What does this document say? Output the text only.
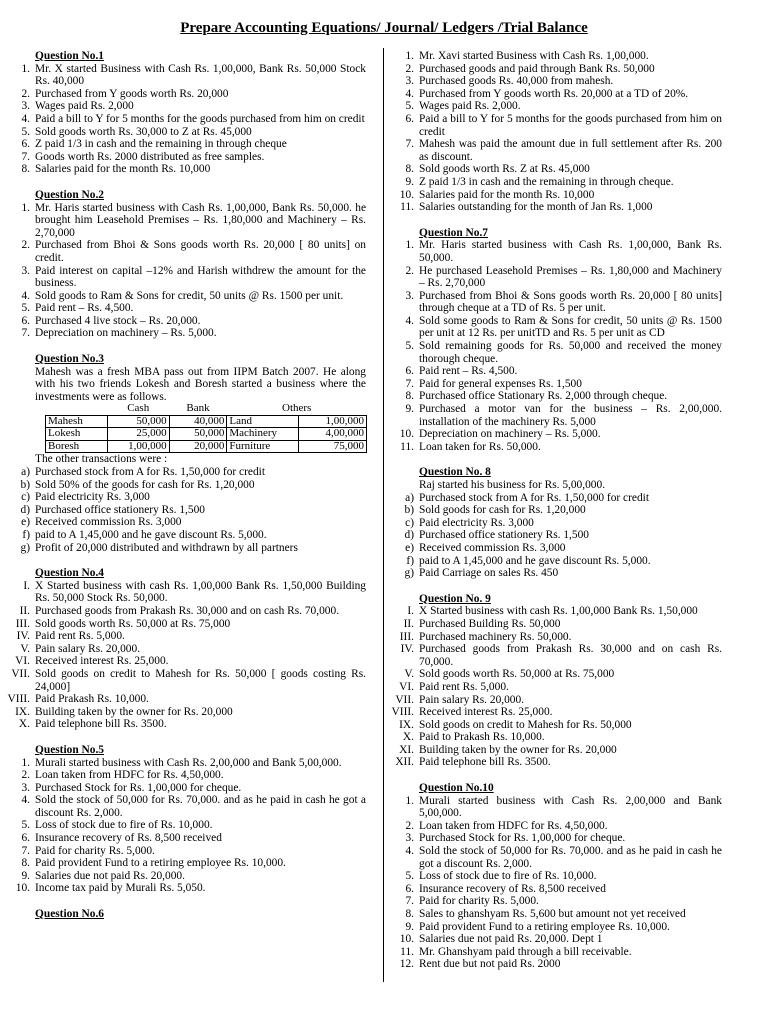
Prepare Accounting Equations/ Journal/ Ledgers /Trial Balance
Question No.1
1. Mr. X started Business with Cash Rs. 1,00,000, Bank Rs. 50,000 Stock Rs. 40,000
2. Purchased from Y goods worth Rs. 20,000
3. Wages paid Rs. 2,000
4. Paid a bill to Y for 5 months for the goods purchased from him on credit
5. Sold goods worth Rs. 30,000 to Z at Rs. 45,000
6. Z paid 1/3 in cash and the remaining in through cheque
7. Goods worth Rs. 2000 distributed as free samples.
8. Salaries paid for the month Rs. 10,000
Question No.2
1. Mr. Haris started business with Cash Rs. 1,00,000, Bank Rs. 50,000. he brought him Leasehold Premises – Rs. 1,80,000 and Machinery – Rs. 2,70,000
2. Purchased from Bhoi & Sons goods worth Rs. 20,000 [ 80 units] on credit.
3. Paid interest on capital –12% and Harish withdrew the amount for the business.
4. Sold goods to Ram & Sons for credit, 50 units @ Rs. 1500 per unit.
5. Paid rent – Rs. 4,500.
6. Purchased 4 live stock – Rs. 20,000.
7. Depreciation on machinery – Rs. 5,000.
Question No.3
Mahesh was a fresh MBA pass out from IIPM Batch 2007. He along with his two friends Lokesh and Boresh started a business where the investments were as follows.
	Cash	Bank	Others	
Mahesh	50,000	40,000	Land	1,00,000
Lokesh	25,000	50,000	Machinery	4,00,000
Boresh	1,00,000	20,000	Furniture	75,000
The other transactions were :
a) Purchased stock from A for Rs. 1,50,000 for credit
b) Sold 50% of the goods for cash for Rs. 1,20,000
c) Paid electricity Rs. 3,000
d) Purchased office stationery Rs. 1,500
e) Received commission Rs. 3,000
f) paid to A 1,45,000 and he gave discount Rs. 5,000.
g) Profit of 20,000 distributed and withdrawn by all partners
Question No.4
I. X Started business with cash Rs. 1,00,000 Bank Rs. 1,50,000 Building Rs. 50,000 Stock Rs. 50,000.
II. Purchased goods from Prakash Rs. 30,000 and on cash Rs. 70,000.
III. Sold goods worth Rs. 50,000 at Rs. 75,000
IV. Paid rent Rs. 5,000.
V. Pain salary Rs. 20,000.
VI. Received interest Rs. 25,000.
VII. Sold goods on credit to Mahesh for Rs. 50,000 [ goods costing Rs. 24,000]
VIII. Paid Prakash Rs. 10,000.
IX. Building taken by the owner for Rs. 20,000
X. Paid telephone bill Rs. 3500.
Question No.5
1. Murali started business with Cash Rs. 2,00,000 and Bank 5,00,000.
2. Loan taken from HDFC for Rs. 4,50,000.
3. Purchased Stock for Rs. 1,00,000 for cheque.
4. Sold the stock of 50,000 for Rs. 70,000. and as he paid in cash he got a discount Rs. 2,000.
5. Loss of stock due to fire of Rs. 10,000.
6. Insurance recovery of Rs. 8,500 received
7. Paid for charity Rs. 5,000.
8. Paid provident Fund to a retiring employee Rs. 10,000.
9. Salaries due not paid Rs. 20,000.
10. Income tax paid by Murali Rs. 5,050.
Question No.6
1. Mr. Xavi started Business with Cash Rs. 1,00,000.
2. Purchased goods and paid through Bank Rs. 50,000
3. Purchased goods Rs. 40,000 from mahesh.
4. Purchased from Y goods worth Rs. 20,000 at a TD of 20%.
5. Wages paid Rs. 2,000.
6. Paid a bill to Y for 5 months for the goods purchased from him on credit
7. Mahesh was paid the amount due in full settlement after Rs. 200 as discount.
8. Sold goods worth Rs. Z at Rs. 45,000
9. Z paid 1/3 in cash and the remaining in through cheque.
10. Salaries paid for the month Rs. 10,000
11. Salaries outstanding for the month of Jan Rs. 1,000
Question No.7
1. Mr. Haris started business with Cash Rs. 1,00,000, Bank Rs. 50,000.
2. He purchased Leasehold Premises – Rs. 1,80,000 and Machinery – Rs. 2,70,000
3. Purchased from Bhoi & Sons goods worth Rs. 20,000 [ 80 units] through cheque at a TD of Rs. 5 per unit.
4. Sold some goods to Ram & Sons for credit, 50 units @ Rs. 1500 per unit at 12 Rs. per unitTD and Rs. 5 per unit as CD
5. Sold remaining goods for Rs. 50,000 and received the money thorough cheque.
6. Paid rent – Rs. 4,500.
7. Paid for general expenses Rs. 1,500
8. Purchased office Stationary Rs. 2,000 through cheque.
9. Purchased a motor van for the business – Rs. 2,00,000. installation of the machinery Rs. 5,000
10. Depreciation on machinery – Rs. 5,000.
11. Loan taken for Rs. 50,000.
Question No. 8
Raj started his business for Rs. 5,00,000.
a) Purchased stock from A for Rs. 1,50,000 for credit
b) Sold goods for cash for Rs. 1,20,000
c) Paid electricity Rs. 3,000
d) Purchased office stationery Rs. 1,500
e) Received commission Rs. 3,000
f) paid to A 1,45,000 and he gave discount Rs. 5,000.
g) Paid Carriage on sales Rs. 450
Question No. 9
I. X Started business with cash Rs. 1,00,000 Bank Rs. 1,50,000
II. Purchased Building Rs. 50,000
III. Purchased machinery Rs. 50,000.
IV. Purchased goods from Prakash Rs. 30,000 and on cash Rs. 70,000.
V. Sold goods worth Rs. 50,000 at Rs. 75,000
VI. Paid rent Rs. 5,000.
VII. Pain salary Rs. 20,000.
VIII. Received interest Rs. 25,000.
IX. Sold goods on credit to Mahesh for Rs. 50,000
X. Paid to Prakash Rs. 10,000.
XI. Building taken by the owner for Rs. 20,000
XII. Paid telephone bill Rs. 3500.
Question No.10
1. Murali started business with Cash Rs. 2,00,000 and Bank 5,00,000.
2. Loan taken from HDFC for Rs. 4,50,000.
3. Purchased Stock for Rs. 1,00,000 for cheque.
4. Sold the stock of 50,000 for Rs. 70,000. and as he paid in cash he got a discount Rs. 2,000.
5. Loss of stock due to fire of Rs. 10,000.
6. Insurance recovery of Rs. 8,500 received
7. Paid for charity Rs. 5,000.
8. Sales to ghanshyam Rs. 5,600 but amount not yet received
9. Paid provident Fund to a retiring employee Rs. 10,000.
10. Salaries due not paid Rs. 20,000. Dept 1
11. Mr. Ghanshyam paid through a bill receivable.
12. Rent due but not paid Rs. 2000
